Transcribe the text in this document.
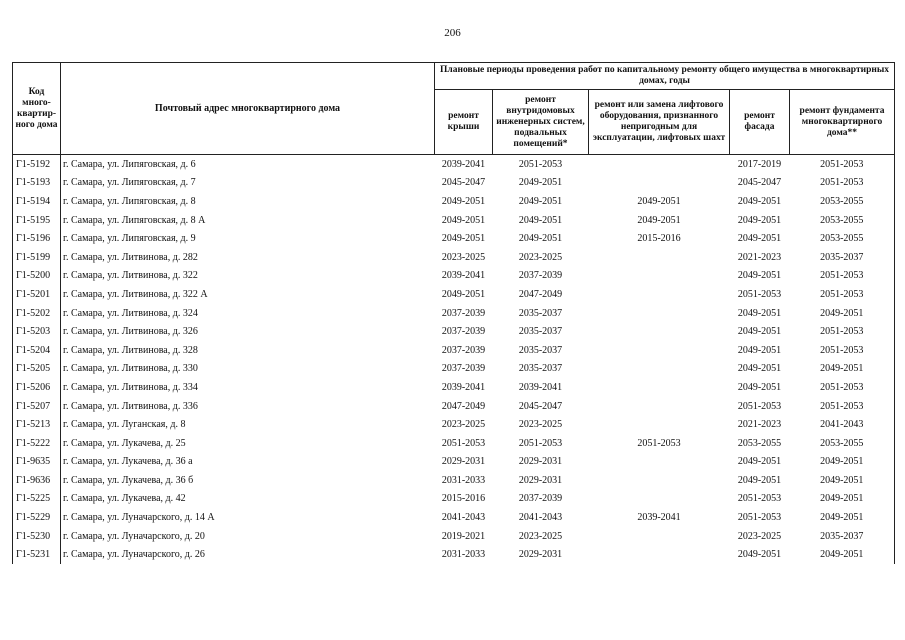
206
Код много-квартир-ного дома	Почтовый адрес многоквартирного дома	Плановые периоды проведения работ по капитальному ремонту общего имущества в многоквартирных домах, годы				
		ремонт крыши	ремонт внутридомовых инженерных систем, подвальных помещений*	ремонт или замена лифтового оборудования, признанного непригодным для эксплуатации, лифтовых шахт	ремонт фасада	ремонт фундамента многоквартирного дома**
Г1-5192	г. Самара, ул. Липяговская, д. 6	2039-2041	2051-2053		2017-2019	2051-2053
Г1-5193	г. Самара, ул. Липяговская, д. 7	2045-2047	2049-2051		2045-2047	2051-2053
Г1-5194	г. Самара, ул. Липяговская, д. 8	2049-2051	2049-2051	2049-2051	2049-2051	2053-2055
Г1-5195	г. Самара, ул. Липяговская, д. 8 А	2049-2051	2049-2051	2049-2051	2049-2051	2053-2055
Г1-5196	г. Самара, ул. Липяговская, д. 9	2049-2051	2049-2051	2015-2016	2049-2051	2053-2055
Г1-5199	г. Самара, ул. Литвинова, д. 282	2023-2025	2023-2025		2021-2023	2035-2037
Г1-5200	г. Самара, ул. Литвинова, д. 322	2039-2041	2037-2039		2049-2051	2051-2053
Г1-5201	г. Самара, ул. Литвинова, д. 322 А	2049-2051	2047-2049		2051-2053	2051-2053
Г1-5202	г. Самара, ул. Литвинова, д. 324	2037-2039	2035-2037		2049-2051	2049-2051
Г1-5203	г. Самара, ул. Литвинова, д. 326	2037-2039	2035-2037		2049-2051	2051-2053
Г1-5204	г. Самара, ул. Литвинова, д. 328	2037-2039	2035-2037		2049-2051	2051-2053
Г1-5205	г. Самара, ул. Литвинова, д. 330	2037-2039	2035-2037		2049-2051	2049-2051
Г1-5206	г. Самара, ул. Литвинова, д. 334	2039-2041	2039-2041		2049-2051	2051-2053
Г1-5207	г. Самара, ул. Литвинова, д. 336	2047-2049	2045-2047		2051-2053	2051-2053
Г1-5213	г. Самара, ул. Луганская, д. 8	2023-2025	2023-2025		2021-2023	2041-2043
Г1-5222	г. Самара, ул. Лукачева, д. 25	2051-2053	2051-2053	2051-2053	2053-2055	2053-2055
Г1-9635	г. Самара, ул. Лукачева, д. 36 а	2029-2031	2029-2031		2049-2051	2049-2051
Г1-9636	г. Самара, ул. Лукачева, д. 36 б	2031-2033	2029-2031		2049-2051	2049-2051
Г1-5225	г. Самара, ул. Лукачева, д. 42	2015-2016	2037-2039		2051-2053	2049-2051
Г1-5229	г. Самара, ул. Луначарского, д. 14 А	2041-2043	2041-2043	2039-2041	2051-2053	2049-2051
Г1-5230	г. Самара, ул. Луначарского, д. 20	2019-2021	2023-2025		2023-2025	2035-2037
Г1-5231	г. Самара, ул. Луначарского, д. 26	2031-2033	2029-2031		2049-2051	2049-2051
